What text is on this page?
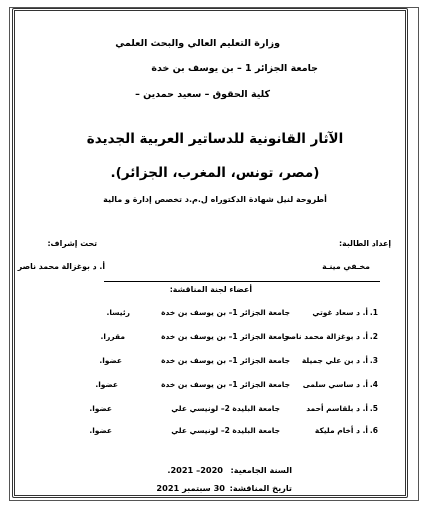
وزارة التعليم العالي والبحث العلمي
جامعة الجزائر 1 – بن يوسف بن خدة
كلية الحقوق – سعيد حمدين –
الآثار القانونية للدساتير العربية الجديدة
(مصر، تونس، المغرب، الجزائر).
أطروحة لنيل شهادة الدكتوراه ل.م.د تخصص إدارة و مالية
إعداد الطالبة:
مخـفي مينـة
تحت إشراف:
أ. د بوغزالة محمد ناصر
أعضاء لجنة المناقشة:
1.
أ. د سعاد غوتي
جامعة الجزائر 1– بن يوسف بن خدة
رئيسا.
2.
أ. د بوغزالة محمد ناصر
جامعة الجزائر 1– بن يوسف بن خدة
مقررا.
3.
أ. د بن علي جميلة
جامعة الجزائر 1– بن يوسف بن خدة
عضوا.
4.
أ. د ساسي سلمى
جامعة الجزائر 1– بن يوسف بن خدة
عضوا.
5.
أ. د بلقاسم أحمد
جامعة البليدة 2– لونيسي علي
عضوا.
6.
أ. د أخام مليكة
جامعة البليدة 2– لونيسي علي
عضوا.
السنة الجامعية:
2020– 2021.
تاريخ المناقشة:
30 سبتمبر 2021
